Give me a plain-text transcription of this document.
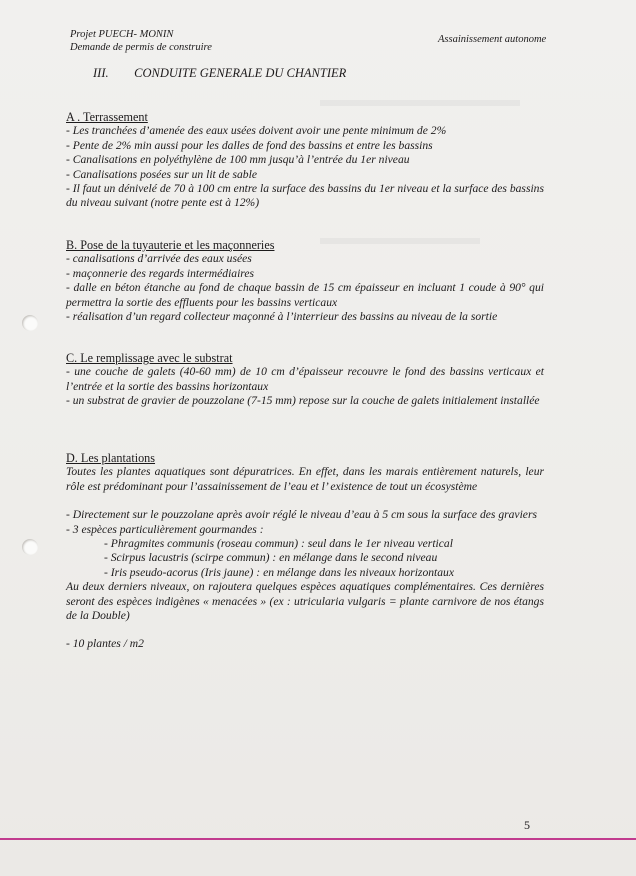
Projet PUECH- MONIN
Demande de permis de construire
Assainissement autonome
III. CONDUITE GENERALE DU CHANTIER

A . Terrassement

- Les tranchées d’amenée des eaux usées doivent avoir une pente minimum de 2%

- Pente de 2% min aussi pour les dalles de fond des bassins et entre les bassins

- Canalisations en polyéthylène de 100 mm jusqu’à l’entrée du 1er niveau

- Canalisations posées sur un lit de sable

- Il faut un dénivelé de 70 à 100 cm entre la surface des bassins du 1er niveau et la surface des bassins du niveau suivant (notre pente est à 12%)

B. Pose de la tuyauterie et les maçonneries

- canalisations d’arrivée des eaux usées

- maçonnerie des regards intermédiaires

- dalle en béton étanche au fond de chaque bassin de 15 cm épaisseur en incluant 1 coude à 90° qui permettra la sortie des effluents pour les bassins verticaux

- réalisation d’un regard collecteur maçonné à l’interrieur des bassins au niveau de la sortie

C. Le remplissage avec le substrat

- une couche de galets (40-60 mm) de 10 cm d’épaisseur recouvre le fond des bassins verticaux et l’entrée et la sortie des bassins horizontaux

- un substrat de gravier de pouzzolane (7-15 mm) repose sur la couche de galets initialement installée

D. Les plantations

Toutes les plantes aquatiques sont dépuratrices. En effet, dans les marais entièrement naturels, leur rôle est prédominant pour l’assainissement de l’eau et l’ existence de tout un écosystème

- Directement sur le pouzzolane après avoir réglé le niveau d’eau à 5 cm sous la surface des graviers

- 3 espèces particulièrement gourmandes :

- Phragmites communis (roseau commun) : seul dans le 1er niveau vertical

- Scirpus lacustris (scirpe commun) : en mélange dans le second niveau

- Iris pseudo-acorus (Iris jaune) : en mélange dans les niveaux horizontaux

Au deux derniers niveaux, on rajoutera quelques espèces aquatiques complémentaires. Ces dernières seront des espèces indigènes « menacées » (ex : utricularia vulgaris = plante carnivore de nos étangs de la Double)

- 10 plantes / m2

5
